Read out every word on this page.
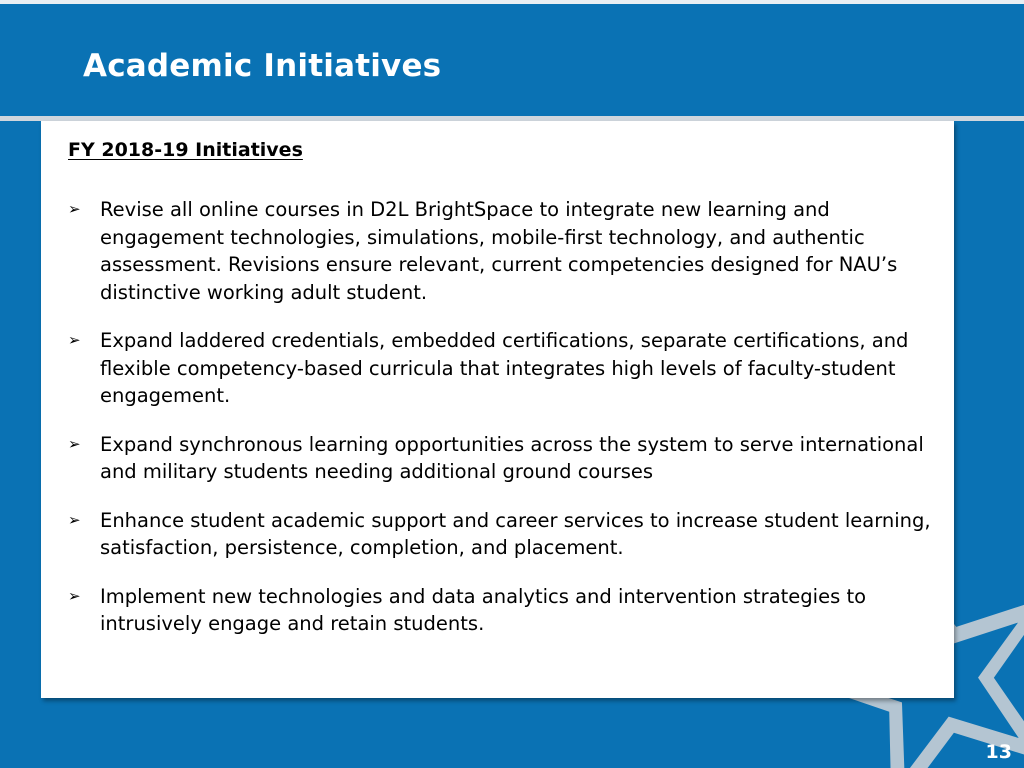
Academic Initiatives
FY 2018-19 Initiatives
➢ Revise all online courses in D2L BrightSpace to integrate new learning and engagement technologies, simulations, mobile-first technology, and authentic assessment. Revisions ensure relevant, current competencies designed for NAU’s distinctive working adult student.
➢ Expand laddered credentials, embedded certifications, separate certifications, and flexible competency-based curricula that integrates high levels of faculty-student engagement.
➢ Expand synchronous learning opportunities across the system to serve international and military students needing additional ground courses
➢ Enhance student academic support and career services to increase student learning, satisfaction, persistence, completion, and placement.
➢ Implement new technologies and data analytics and intervention strategies to intrusively engage and retain students.
13
